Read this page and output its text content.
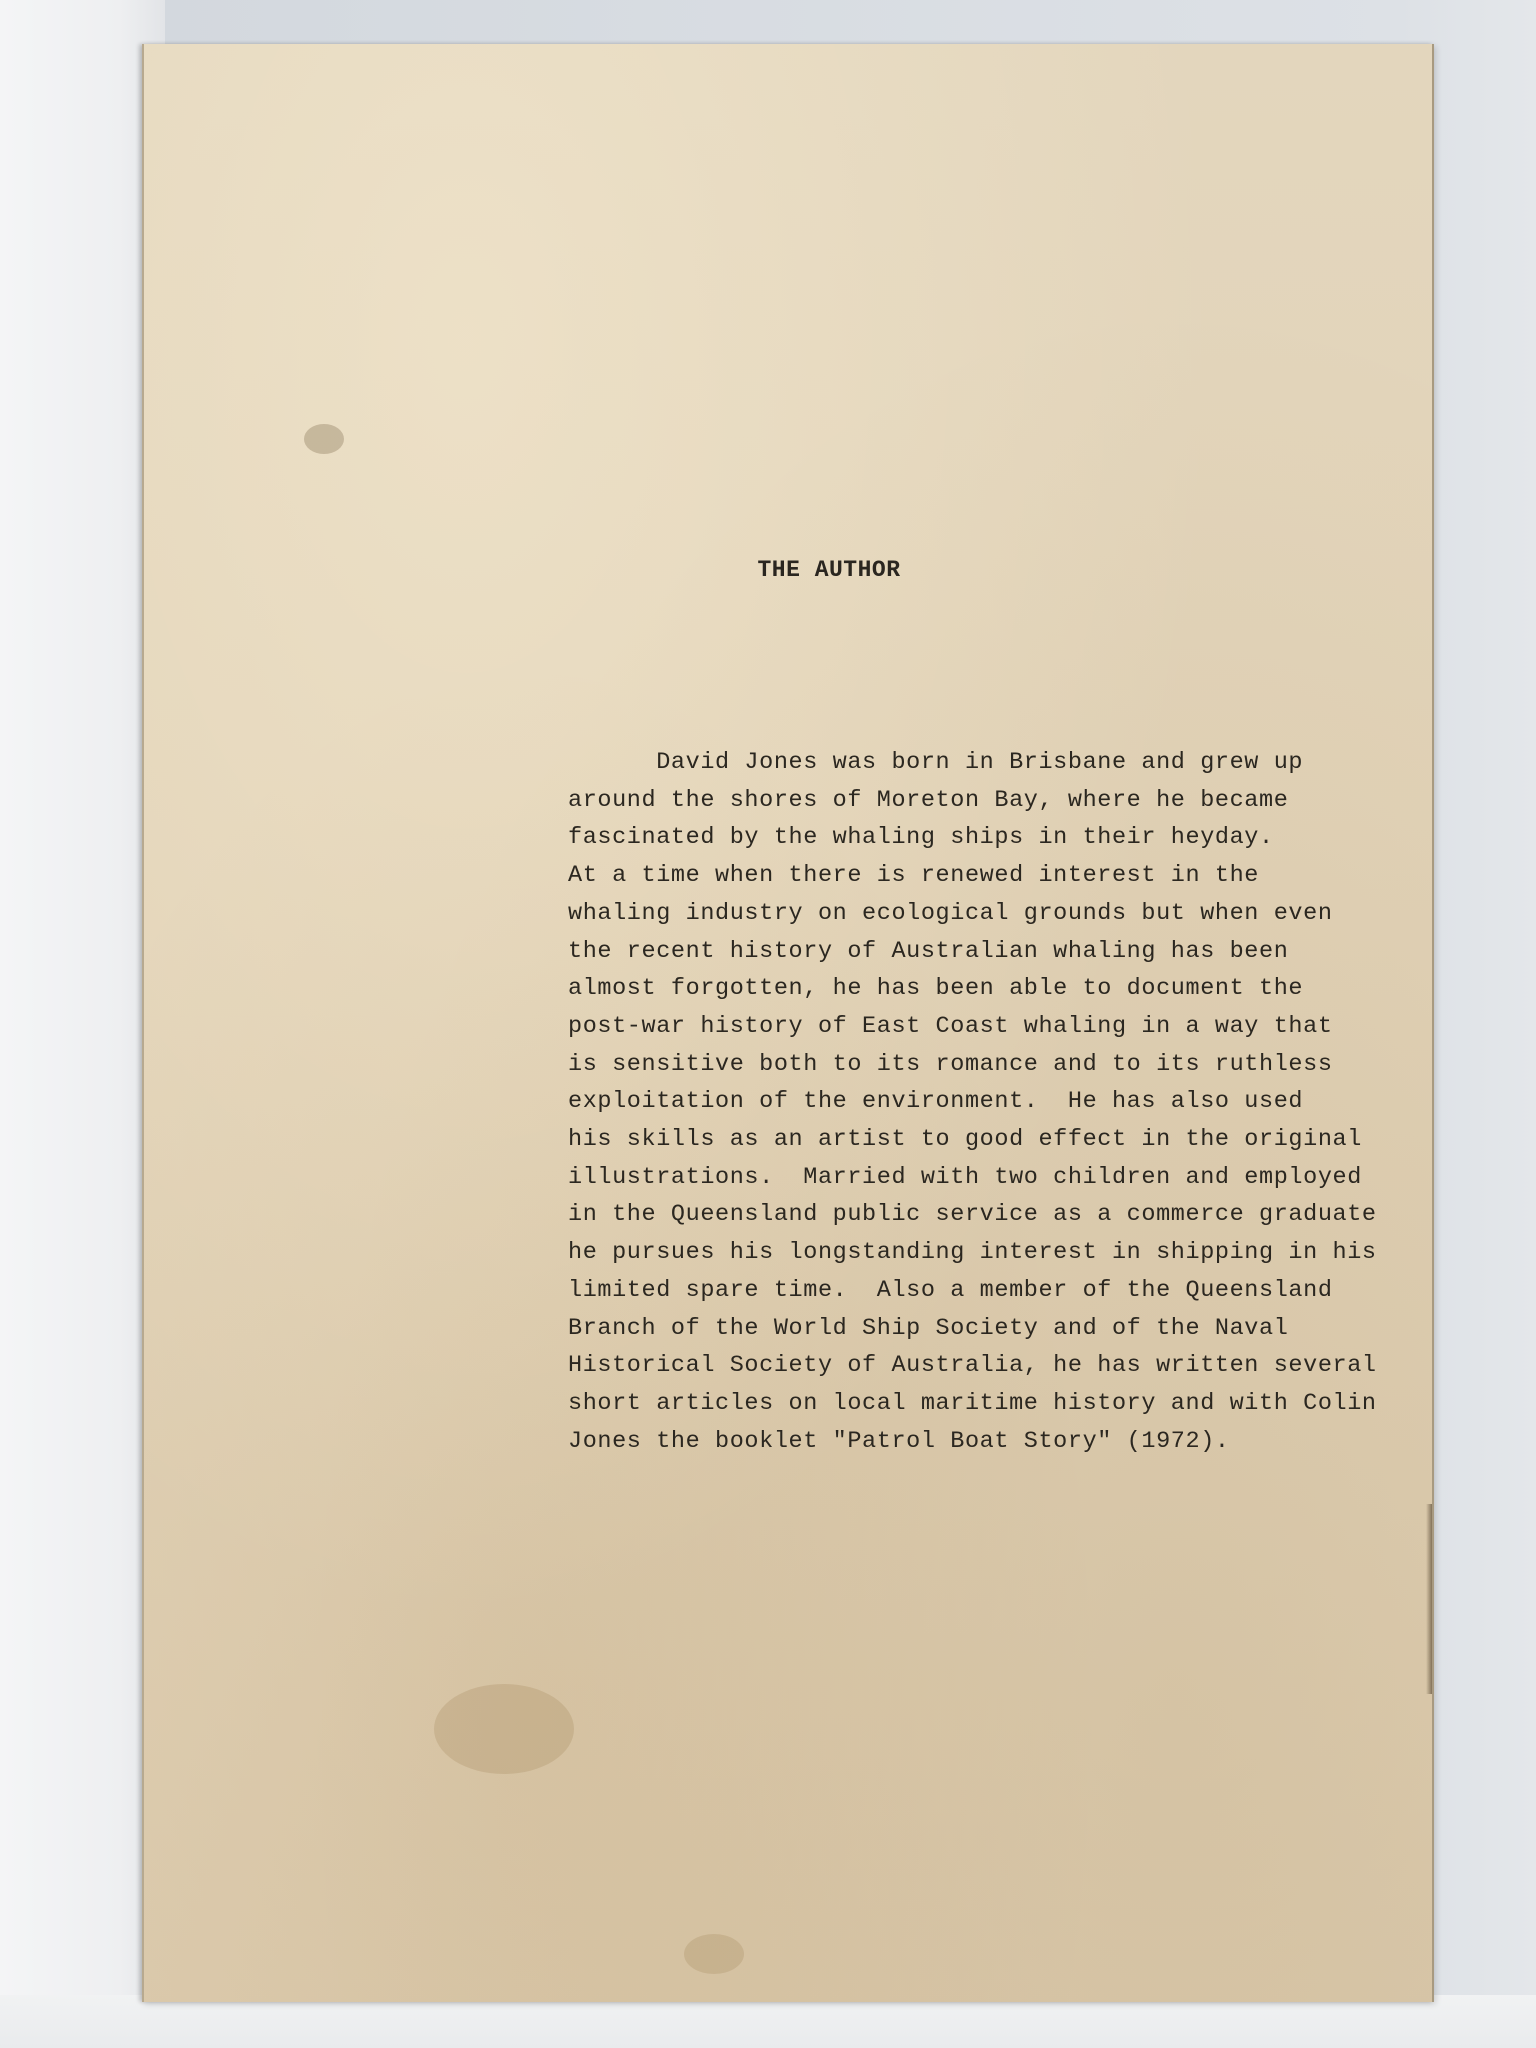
THE AUTHOR
David Jones was born in Brisbane and grew up
around the shores of Moreton Bay, where he became
fascinated by the whaling ships in their heyday.
At a time when there is renewed interest in the
whaling industry on ecological grounds but when even
the recent history of Australian whaling has been
almost forgotten, he has been able to document the
post-war history of East Coast whaling in a way that
is sensitive both to its romance and to its ruthless
exploitation of the environment.  He has also used
his skills as an artist to good effect in the original
illustrations.  Married with two children and employed
in the Queensland public service as a commerce graduate
he pursues his longstanding interest in shipping in his
limited spare time.  Also a member of the Queensland
Branch of the World Ship Society and of the Naval
Historical Society of Australia, he has written several
short articles on local maritime history and with Colin
Jones the booklet "Patrol Boat Story" (1972).
